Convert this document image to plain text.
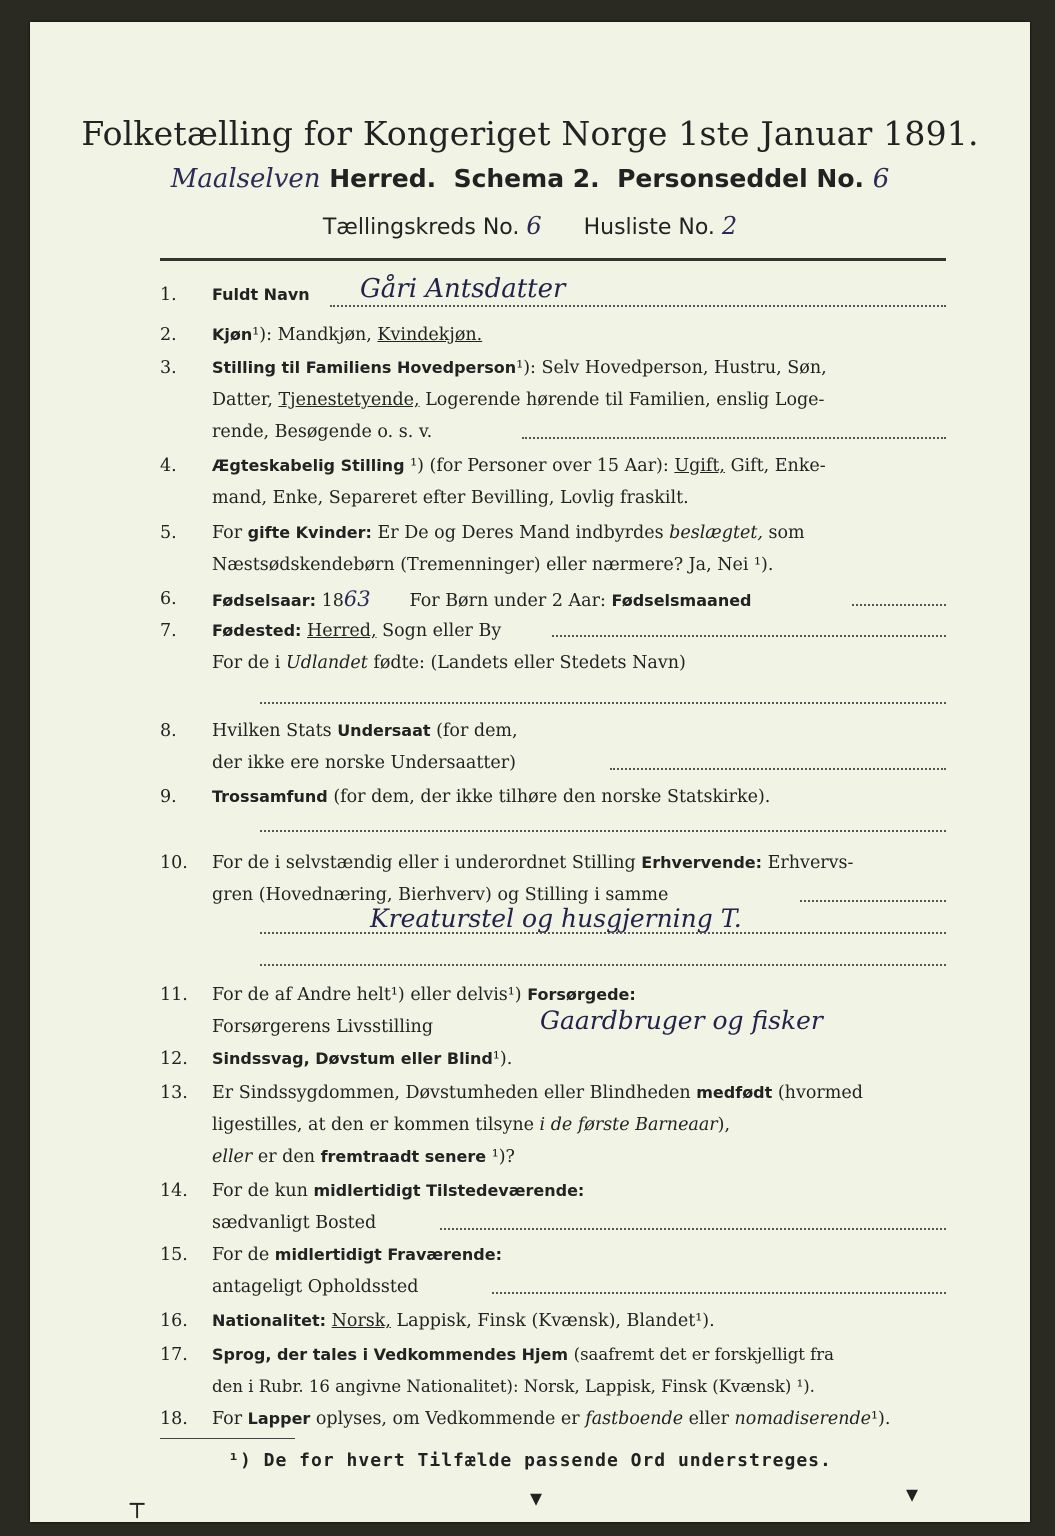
Folketælling for Kongeriget Norge 1ste Januar 1891.
Maalselven Herred. Schema 2. Personseddel No. 6
Tællingskreds No. 6 Husliste No. 2
1.	Fuldt Navn Gåri Antsdatter
2.	Kjøn¹): Mandkjøn, Kvindekjøn.
3.	Stilling til Familiens Hovedperson¹): Selv Hovedperson, Hustru, Søn,
Datter, Tjenestetyende, Logerende hørende til Familien, enslig Loge-
rende, Besøgende o. s. v.
4.	Ægteskabelig Stilling ¹) (for Personer over 15 Aar): Ugift, Gift, Enke-
mand, Enke, Separeret efter Bevilling, Lovlig fraskilt.
5.	For gifte Kvinder: Er De og Deres Mand indbyrdes beslægtet, som
Næstsødskendebørn (Tremenninger) eller nærmere? Ja, Nei ¹).
6.	Fødselsaar: 1863 For Børn under 2 Aar: Fødselsmaaned
7.	Fødested: Herred, Sogn eller By
For de i Udlandet fødte: (Landets eller Stedets Navn)
8.	Hvilken Stats Undersaat (for dem,
der ikke ere norske Undersaatter)
9.	Trossamfund (for dem, der ikke tilhøre den norske Statskirke).
10.	For de i selvstændig eller i underordnet Stilling Erhvervende: Erhvervs-
gren (Hovednæring, Bierhverv) og Stilling i samme
Kreaturstel og husgjerning T.
11.	For de af Andre helt¹) eller delvis¹) Forsørgede:
Forsørgerens Livsstilling	Gaardbruger og fisker
12.	Sindssvag, Døvstum eller Blind¹).
13.	Er Sindssygdommen, Døvstumheden eller Blindheden medfødt (hvormed
ligestilles, at den er kommen tilsyne i de første Barneaar),
eller er den fremtraadt senere ¹)?
14.	For de kun midlertidigt Tilstedeværende:
sædvanligt Bosted
15.	For de midlertidigt Fraværende:
antageligt Opholdssted
16.	Nationalitet: Norsk, Lappisk, Finsk (Kvænsk), Blandet¹).
17.	Sprog, der tales i Vedkommendes Hjem (saafremt det er forskjelligt fra
den i Rubr. 16 angivne Nationalitet): Norsk, Lappisk, Finsk (Kvænsk) ¹).
18.	For Lapper oplyses, om Vedkommende er fastboende eller nomadiserende¹).
¹) De for hvert Tilfælde passende Ord understreges.
┬	▾	▾
